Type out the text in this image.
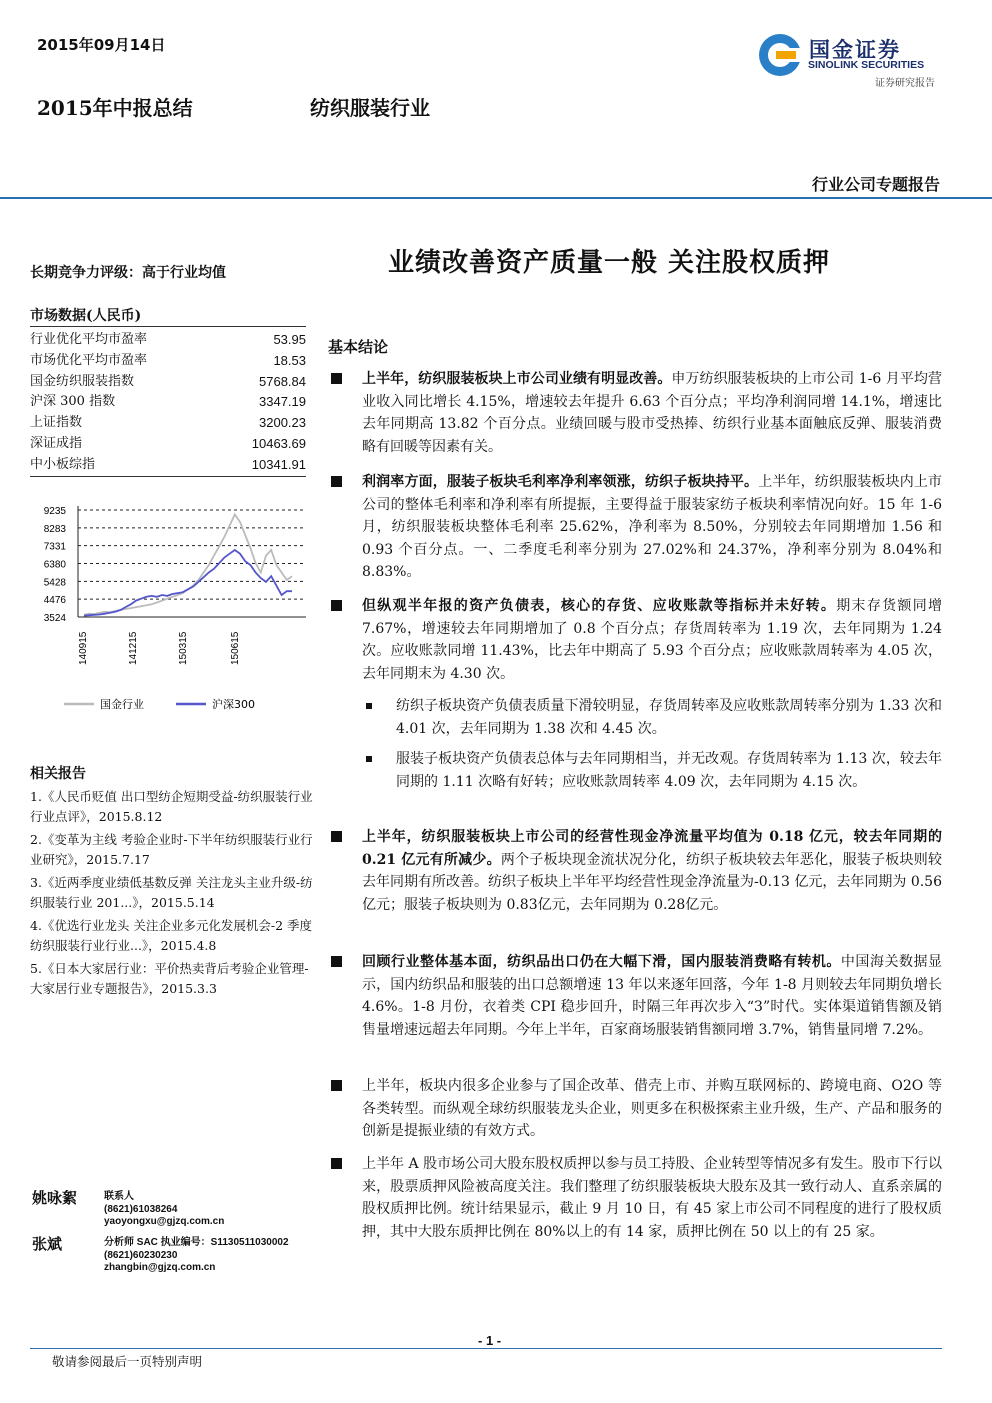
2015年09月14日
2015年中报总结	纺织服装行业
国金证券
SINOLINK SECURITIES
证券研究报告
行业公司专题报告
业绩改善资产质量一般 关注股权质押
长期竞争力评级：高于行业均值
市场数据(人民币)
行业优化平均市盈率	53.95
市场优化平均市盈率	18.53
国金纺织服装指数	5768.84
沪深 300 指数	3347.19
上证指数	3200.23
深证成指	10463.69
中小板综指	10341.91
9235
8283
7331
6380
5428
4476
3524
140915	141215	150315	150615
国金行业	沪深300
相关报告
1.《人民币贬值 出口型纺企短期受益-纺织服装行业行业点评》，2015.8.12
2.《变革为主线 考验企业时-下半年纺织服装行业行业研究》，2015.7.17
3.《近两季度业绩低基数反弹 关注龙头主业升级-纺织服装行业 201...》，2015.5.14
4.《优选行业龙头 关注企业多元化发展机会-2 季度纺织服装行业行业...》，2015.4.8
5.《日本大家居行业：平价热卖背后考验企业管理-大家居行业专题报告》，2015.3.3
姚咏絮	联系人
(8621)61038264
yaoyongxu@gjzq.com.cn
张斌	分析师 SAC 执业编号：S1130511030002
(8621)60230230
zhangbin@gjzq.com.cn
基本结论
上半年，纺织服装板块上市公司业绩有明显改善。申万纺织服装板块的上市公司 1-6 月平均营业收入同比增长 4.15%，增速较去年提升 6.63 个百分点；平均净利润同增 14.1%，增速比去年同期高 13.82 个百分点。业绩回暖与股市受热捧、纺织行业基本面触底反弹、服装消费略有回暖等因素有关。
利润率方面，服装子板块毛利率净利率领涨，纺织子板块持平。上半年，纺织服装板块内上市公司的整体毛利率和净利率有所提振，主要得益于服装家纺子板块利率情况向好。15 年 1-6 月，纺织服装板块整体毛利率 25.62%，净利率为 8.50%，分别较去年同期增加 1.56 和 0.93 个百分点。一、二季度毛利率分别为 27.02%和 24.37%，净利率分别为 8.04%和 8.83%。
但纵观半年报的资产负债表，核心的存货、应收账款等指标并未好转。期末存货额同增 7.67%，增速较去年同期增加了 0.8 个百分点；存货周转率为 1.19 次，去年同期为 1.24 次。应收账款同增 11.43%，比去年中期高了 5.93 个百分点；应收账款周转率为 4.05 次，去年同期末为 4.30 次。
纺织子板块资产负债表质量下滑较明显，存货周转率及应收账款周转率分别为 1.33 次和 4.01 次，去年同期为 1.38 次和 4.45 次。
服装子板块资产负债表总体与去年同期相当，并无改观。存货周转率为 1.13 次，较去年同期的 1.11 次略有好转；应收账款周转率 4.09 次，去年同期为 4.15 次。
上半年，纺织服装板块上市公司的经营性现金净流量平均值为 0.18 亿元，较去年同期的 0.21 亿元有所减少。两个子板块现金流状况分化，纺织子板块较去年恶化，服装子板块则较去年同期有所改善。纺织子板块上半年平均经营性现金净流量为-0.13 亿元，去年同期为 0.56 亿元；服装子板块则为 0.83亿元，去年同期为 0.28亿元。
回顾行业整体基本面，纺织品出口仍在大幅下滑，国内服装消费略有转机。中国海关数据显示，国内纺织品和服装的出口总额增速 13 年以来逐年回落，今年 1-8 月则较去年同期负增长 4.6%。1-8 月份，衣着类 CPI 稳步回升，时隔三年再次步入“3”时代。实体渠道销售额及销售量增速远超去年同期。今年上半年，百家商场服装销售额同增 3.7%，销售量同增 7.2%。
上半年，板块内很多企业参与了国企改革、借壳上市、并购互联网标的、跨境电商、O2O 等各类转型。而纵观全球纺织服装龙头企业，则更多在积极探索主业升级，生产、产品和服务的创新是提振业绩的有效方式。
上半年 A 股市场公司大股东股权质押以参与员工持股、企业转型等情况多有发生。股市下行以来，股票质押风险被高度关注。我们整理了纺织服装板块大股东及其一致行动人、直系亲属的股权质押比例。统计结果显示，截止 9 月 10 日，有 45 家上市公司不同程度的进行了股权质押，其中大股东质押比例在 80%以上的有 14 家，质押比例在 50 以上的有 25 家。
- 1 -
敬请参阅最后一页特别声明
